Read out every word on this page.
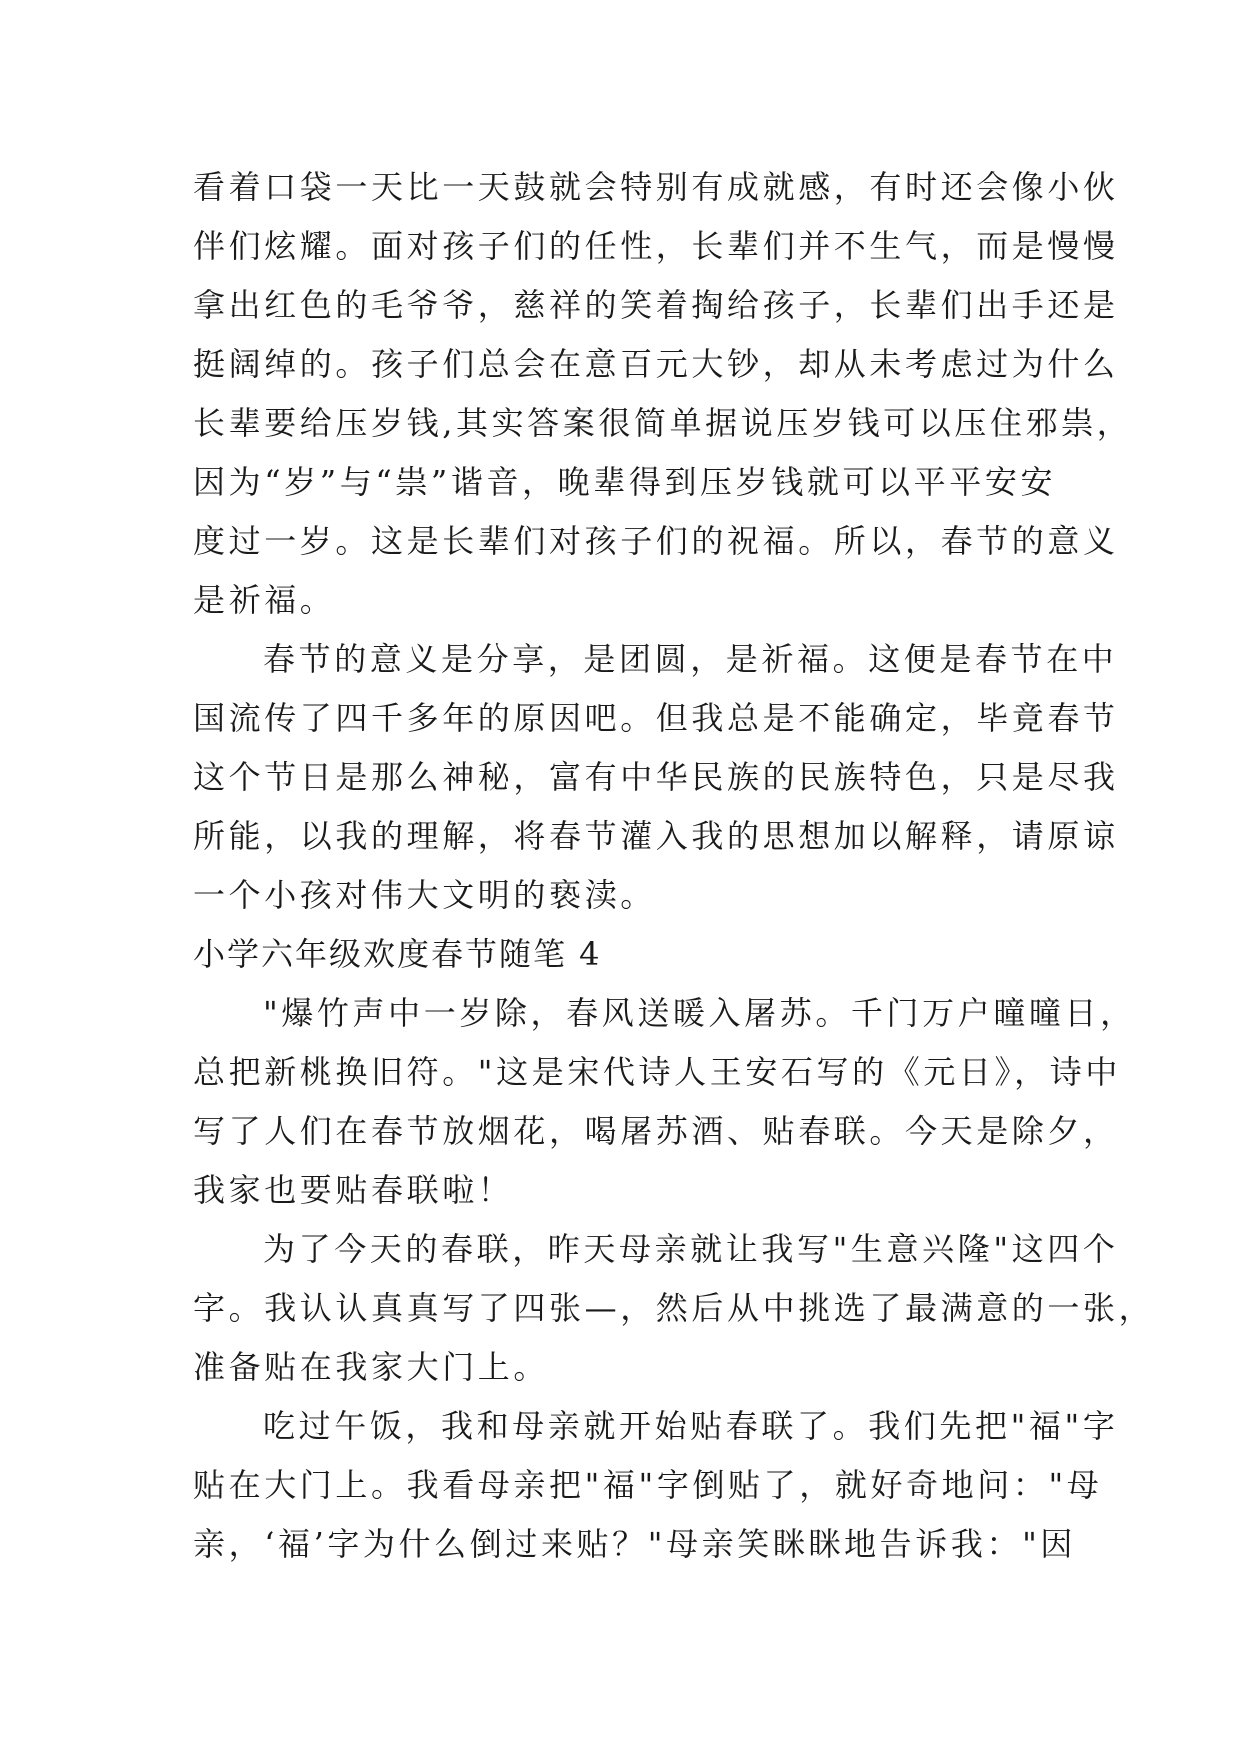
看着口袋一天比一天鼓就会特别有成就感，有时还会像小伙
伴们炫耀。面对孩子们的任性，长辈们并不生气，而是慢慢
拿出红色的毛爷爷，慈祥的笑着掏给孩子，长辈们出手还是
挺阔绰的。孩子们总会在意百元大钞，却从未考虑过为什么
长辈要给压岁钱,其实答案很简单据说压岁钱可以压住邪祟，
因为“岁”与“祟”谐音，晚辈得到压岁钱就可以平平安安
度过一岁。这是长辈们对孩子们的祝福。所以，春节的意义
是祈福。
春节的意义是分享，是团圆，是祈福。这便是春节在中
国流传了四千多年的原因吧。但我总是不能确定，毕竟春节
这个节日是那么神秘，富有中华民族的民族特色，只是尽我
所能，以我的理解，将春节灌入我的思想加以解释，请原谅
一个小孩对伟大文明的亵渎。
小学六年级欢度春节随笔 4
"爆竹声中一岁除，春风送暖入屠苏。千门万户曈曈日，
总把新桃换旧符。"这是宋代诗人王安石写的《元日》，诗中
写了人们在春节放烟花，喝屠苏酒、贴春联。今天是除夕，
我家也要贴春联啦！
为了今天的春联，昨天母亲就让我写"生意兴隆"这四个
字。我认认真真写了四张—，然后从中挑选了最满意的一张，
准备贴在我家大门上。
吃过午饭，我和母亲就开始贴春联了。我们先把"福"字
贴在大门上。我看母亲把"福"字倒贴了，就好奇地问："母
亲，‘福’字为什么倒过来贴？"母亲笑眯眯地告诉我："因
